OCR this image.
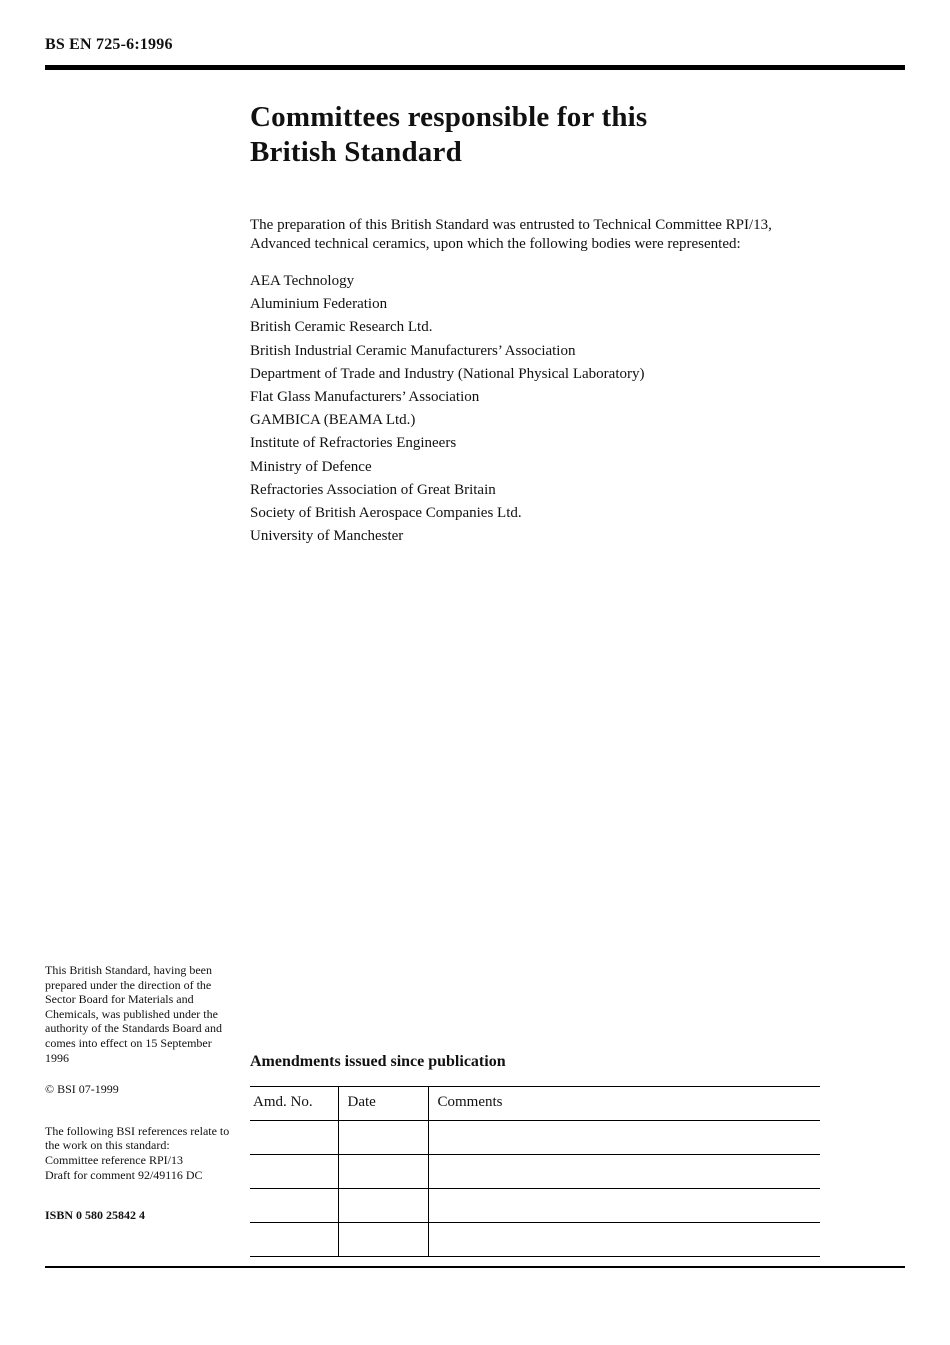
BS EN 725-6:1996
Committees responsible for this
British Standard

The preparation of this British Standard was entrusted to Technical Committee RPI/13, Advanced technical ceramics, upon which the following bodies were represented:

AEA Technology
Aluminium Federation
British Ceramic Research Ltd.
British Industrial Ceramic Manufacturers’ Association
Department of Trade and Industry (National Physical Laboratory)
Flat Glass Manufacturers’ Association
GAMBICA (BEAMA Ltd.)
Institute of Refractories Engineers
Ministry of Defence
Refractories Association of Great Britain
Society of British Aerospace Companies Ltd.
University of Manchester

This British Standard, having been prepared under the direction of the Sector Board for Materials and Chemicals, was published under the authority of the Standards Board and comes into effect on 15 September 1996

© BSI 07-1999

The following BSI references relate to the work on this standard:

Committee reference RPI/13

Draft for comment 92/49116 DC

ISBN 0 580 25842 4

Amendments issued since publication
Amd. No.	Date	Comments
